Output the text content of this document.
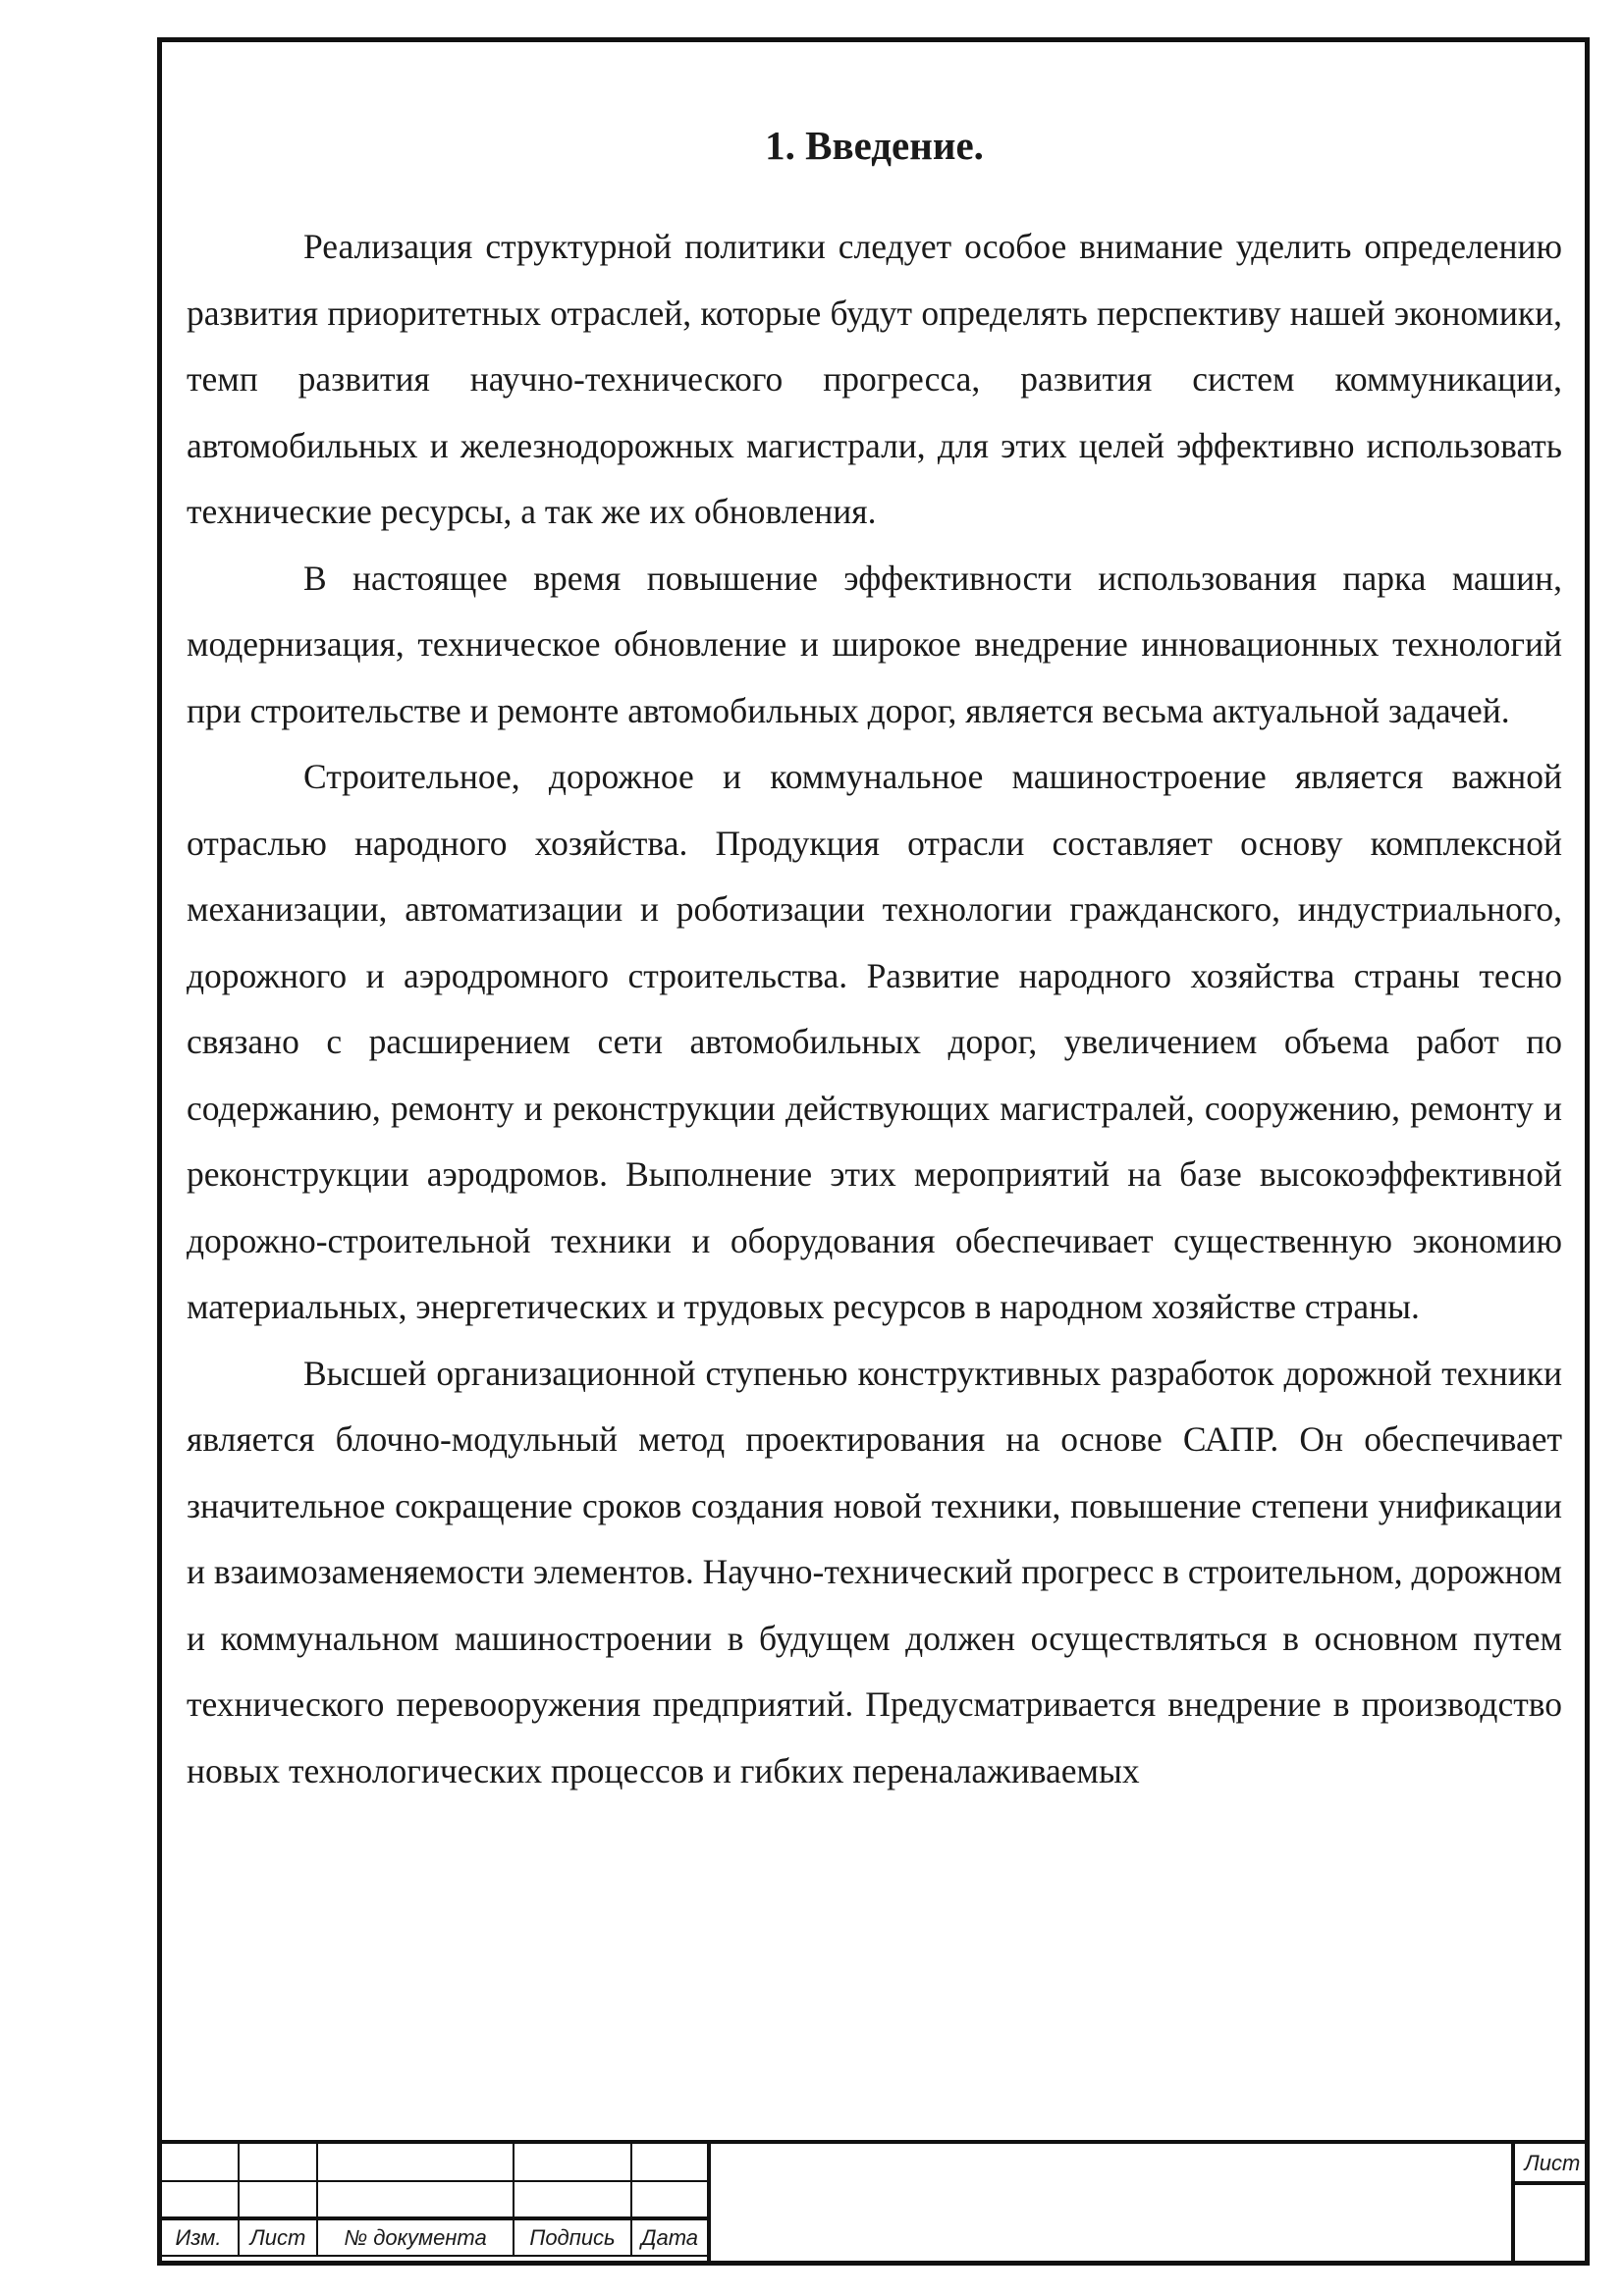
1. Введение.

Реализация структурной политики следует особое внимание уделить определению развития приоритетных отраслей, которые будут определять перспективу нашей экономики, темп развития научно-технического прогресса, развития систем коммуникации, автомобильных и железнодорожных магистрали, для этих целей эффективно использовать технические ресурсы, а так же их обновления.

В настоящее время повышение эффективности использования парка машин, модернизация, техническое обновление и широкое внедрение инновационных технологий при строительстве и ремонте автомобильных дорог, является весьма актуальной задачей.

Строительное, дорожное и коммунальное машиностроение является важной отраслью народного хозяйства. Продукция отрасли составляет основу комплексной механизации, автоматизации и роботизации технологии гражданского, индустриального, дорожного и аэродромного строительства. Развитие народного хозяйства страны тесно связано с расширением сети автомобильных дорог, увеличением объема работ по содержанию, ремонту и реконструкции действующих магистралей, сооружению, ремонту и реконструкции аэродромов. Выполнение этих мероприятий на базе высокоэффективной дорожно-строительной техники и оборудования обеспечивает существенную экономию материальных, энергетических и трудовых ресурсов в народном хозяйстве страны.

Высшей организационной ступенью конструктивных разработок дорожной техники является блочно-модульный метод проектирования на основе САПР. Он обеспечивает значительное сокращение сроков создания новой техники, повышение степени унификации и взаимозаменяемости элементов. Научно-технический прогресс в строительном, дорожном и коммунальном машиностроении в будущем должен осуществляться в основном путем технического перевооружения предприятий. Предусматривается внедрение в производство новых технологических процессов и гибких переналаживаемых

Изм.	Лист	№ документа	Подпись	Дата
Лист
